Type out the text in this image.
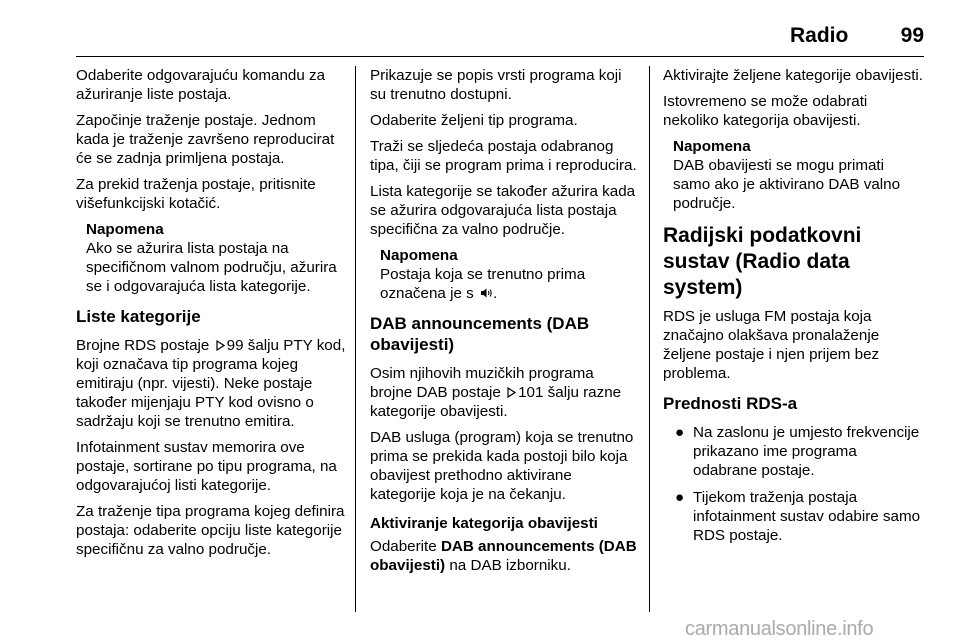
Radio	99

Odaberite odgovarajuću komandu za ažuriranje liste postaja.

Započinje traženje postaje. Jednom kada je traženje završeno reproducirat će se zadnja primljena postaja.

Za prekid traženja postaje, pritisnite višefunkcijski kotačić.

Napomena
Ako se ažurira lista postaja na specifičnom valnom području, ažurira se i odgovarajuća lista kategorije.
Liste kategorije

Brojne RDS postaje 99 šalju PTY kod, koji označava tip programa kojeg emitiraju (npr. vijesti). Neke postaje također mijenjaju PTY kod ovisno o sadržaju koji se trenutno emitira.

Infotainment sustav memorira ove postaje, sortirane po tipu programa, na odgovarajućoj listi kategorije.

Za traženje tipa programa kojeg definira postaja: odaberite opciju liste kategorije specifičnu za valno područje.

Prikazuje se popis vrsti programa koji su trenutno dostupni.

Odaberite željeni tip programa.

Traži se sljedeća postaja odabranog tipa, čiji se program prima i reproducira.

Lista kategorije se također ažurira kada se ažurira odgovarajuća lista postaja specifična za valno područje.

Napomena
Postaja koja se trenutno prima označena je s .
DAB announcements (DAB obavijesti)

Osim njihovih muzičkih programa brojne DAB postaje 101 šalju razne kategorije obavijesti.

DAB usluga (program) koja se trenutno prima se prekida kada postoji bilo koja obavijest prethodno aktivirane kategorije koja je na čekanju.

Aktiviranje kategorija obavijesti

Odaberite DAB announcements (DAB obavijesti) na DAB izborniku.

Aktivirajte željene kategorije obavijesti.

Istovremeno se može odabrati nekoliko kategorija obavijesti.

Napomena
DAB obavijesti se mogu primati samo ako je aktivirano DAB valno područje.
Radijski podatkovni sustav (Radio data system)

RDS je usluga FM postaja koja značajno olakšava pronalaženje željene postaje i njen prijem bez problema.

Prednosti RDS-a
● Na zaslonu je umjesto frekvencije prikazano ime programa odabrane postaje.
● Tijekom traženja postaja infotainment sustav odabire samo RDS postaje.
carmanualsonline.info
